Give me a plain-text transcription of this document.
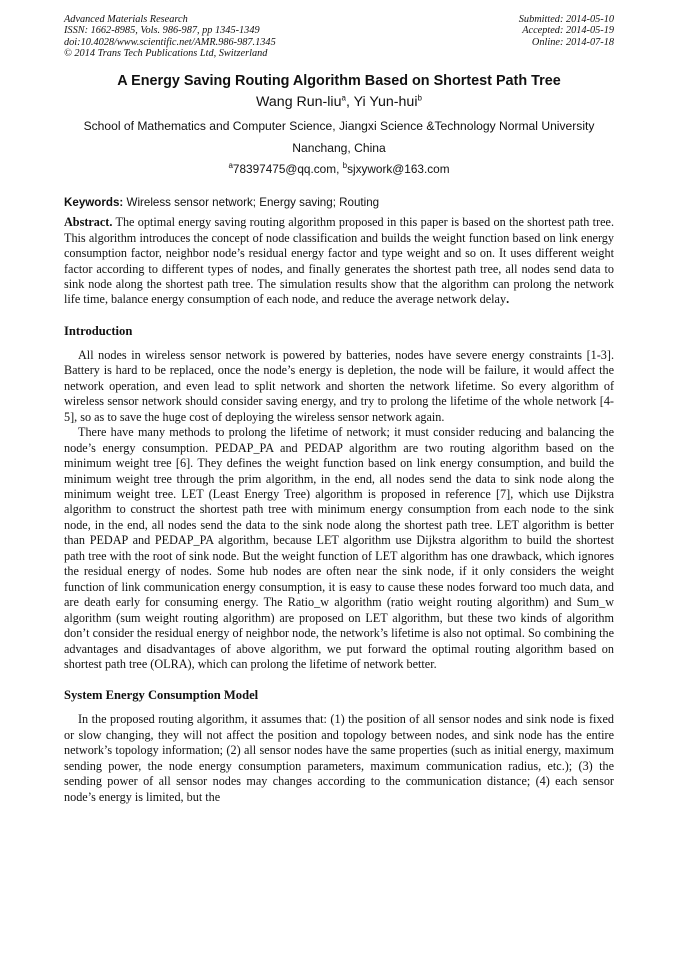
Advanced Materials Research
ISSN: 1662-8985, Vols. 986-987, pp 1345-1349
doi:10.4028/www.scientific.net/AMR.986-987.1345
© 2014 Trans Tech Publications Ltd, Switzerland
Submitted: 2014-05-10
Accepted: 2014-05-19
Online: 2014-07-18
A Energy Saving Routing Algorithm Based on Shortest Path Tree
Wang Run-liu$^a$, Yi Yun-hui$^b$
School of Mathematics and Computer Science, Jiangxi Science &Technology Normal University
Nanchang, China
$^a$78397475@qq.com, $^b$sjxywork@163.com
Keywords: Wireless sensor network; Energy saving; Routing

Abstract. The optimal energy saving routing algorithm proposed in this paper is based on the shortest path tree. This algorithm introduces the concept of node classification and builds the weight function based on link energy consumption factor, neighbor node’s residual energy factor and type weight and so on. It uses different weight factor according to different types of nodes, and finally generates the shortest path tree, all nodes send data to sink node along the shortest path tree. The simulation results show that the algorithm can prolong the network life time, balance energy consumption of each node, and reduce the average network delay.

Introduction

All nodes in wireless sensor network is powered by batteries, nodes have severe energy constraints [1-3]. Battery is hard to be replaced, once the node’s energy is depletion, the node will be failure, it would affect the network operation, and even lead to split network and shorten the network lifetime. So every algorithm of wireless sensor network should consider saving energy, and try to prolong the lifetime of the whole network [4-5], so as to save the huge cost of deploying the wireless sensor network again.

There have many methods to prolong the lifetime of network; it must consider reducing and balancing the node’s energy consumption. PEDAP_PA and PEDAP algorithm are two routing algorithm based on the minimum weight tree [6]. They defines the weight function based on link energy consumption, and build the minimum weight tree through the prim algorithm, in the end, all nodes send the data to sink node along the minimum weight tree. LET (Least Energy Tree) algorithm is proposed in reference [7], which use Dijkstra algorithm to construct the shortest path tree with minimum energy consumption from each node to the sink node, in the end, all nodes send the data to the sink node along the shortest path tree. LET algorithm is better than PEDAP and PEDAP_PA algorithm, because LET algorithm use Dijkstra algorithm to build the shortest path tree with the root of sink node. But the weight function of LET algorithm has one drawback, which ignores the residual energy of nodes. Some hub nodes are often near the sink node, if it only considers the weight function of link communication energy consumption, it is easy to cause these nodes forward too much data, and are death early for consuming energy. The Ratio_w algorithm (ratio weight routing algorithm) and Sum_w algorithm (sum weight routing algorithm) are proposed on LET algorithm, but these two kinds of algorithm don’t consider the residual energy of neighbor node, the network’s lifetime is also not optimal. So combining the advantages and disadvantages of above algorithm, we put forward the optimal routing algorithm based on shortest path tree (OLRA), which can prolong the lifetime of network better.

System Energy Consumption Model

In the proposed routing algorithm, it assumes that: (1) the position of all sensor nodes and sink node is fixed or slow changing, they will not affect the position and topology between nodes, and sink node has the entire network’s topology information; (2) all sensor nodes have the same properties (such as initial energy, maximum sending power, the node energy consumption parameters, maximum communication radius, etc.); (3) the sending power of all sensor nodes may changes according to the communication distance; (4) each sensor node’s energy is limited, but the
